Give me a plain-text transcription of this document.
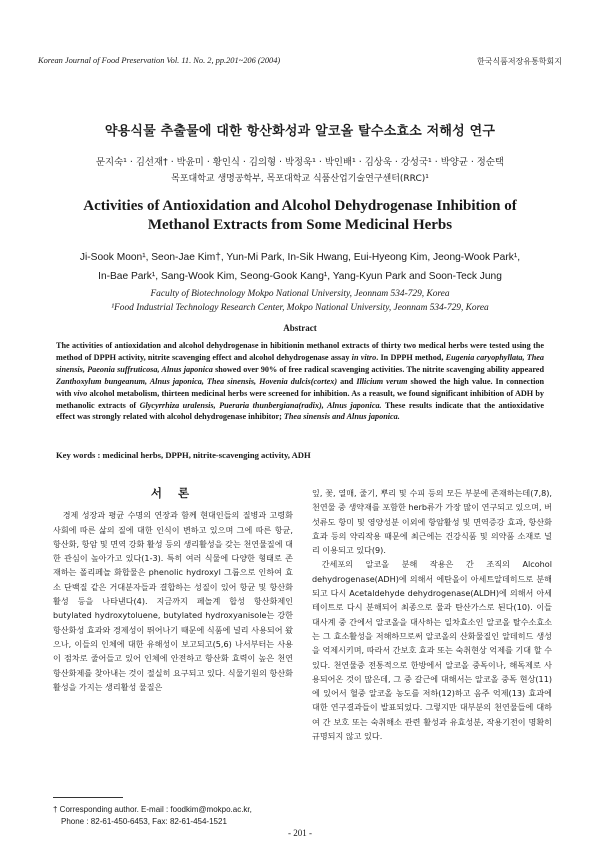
Korean Journal of Food Preservation Vol. 11. No. 2, pp.201~206 (2004)	한국식품저장유통학회지
약용식물 추출물에 대한 항산화성과 알코올 탈수소효소 저해성 연구
문지숙¹ · 김선재† · 박윤미 · 황인식 · 김의형 · 박정욱¹ · 박인배¹ · 김상욱 · 강성국¹ · 박양균 · 정순택
목포대학교 생명공학부, 목포대학교 식품산업기술연구센터(RRC)¹
Activities of Antioxidation and Alcohol Dehydrogenase Inhibition of Methanol Extracts from Some Medicinal Herbs
Ji-Sook Moon¹, Seon-Jae Kim†, Yun-Mi Park, In-Sik Hwang, Eui-Hyeong Kim, Jeong-Wook Park¹,
In-Bae Park¹, Sang-Wook Kim, Seong-Gook Kang¹, Yang-Kyun Park and Soon-Teck Jung
Faculty of Biotechnology Mokpo National University, Jeonnam 534-729, Korea
¹Food Industrial Technology Research Center, Mokpo National University, Jeonnam 534-729, Korea
Abstract
The activities of antioxidation and alcohol dehydrogenase in hibitionin methanol extracts of thirty two medical herbs were tested using the method of DPPH activity, nitrite scavenging effect and alcohol dehydrogenase assay in vitro. In DPPH method, Eugenia caryophyllata, Thea sinensis, Paeonia suffruticosa, Alnus japonica showed over 90% of free radical scavenging activities. The nitrite scavenging ability appeared Zanthoxylum bungeanum, Alnus japonica, Thea sinensis, Hovenia dulcis(cortex) and Illicium verum showed the high value. In connection with vivo alcohol metabolism, thirteen medicinal herbs were screened for inhibition. As a reasult, we found significant inhibition of ADH by methanolic extracts of Glycyrrhiza uralensis, Pueraria thunbergiana(radix), Alnus japonica. These results indicate that the antioxidative effect was strongly related with alcohol dehydrogenase inhibitor; Thea sinensis and Alnus japonica.
Key words : medicinal herbs, DPPH, nitrite-scavenging activity, ADH
서 론

경제 성장과 평균 수명의 연장과 함께 현대인들의 질병과 고령화 사회에 따른 삶의 질에 대한 인식이 변하고 있으며 그에 따른 항균, 항산화, 항암 및 면역 강화 활성 등의 생리활성을 갖는 천연물질에 대한 관심이 높아가고 있다(1-3). 특히 여러 식물에 다양한 형태로 존재하는 폴리페놀 화합물은 phenolic hydroxyl 그룹으로 인하여 효소 단백질 같은 거대분자들과 결합하는 성질이 있어 항균 및 항산화 활성 등을 나타낸다(4). 지금까지 페놀계 합성 항산화제인 butylated hydroxytoluene, butylated hydroxyanisole는 강한 항산화성 효과와 경제성이 뛰어나기 때문에 식품에 널리 사용되어 왔으나, 이들의 인체에 대한 유해성이 보고되고(5,6) 나서부터는 사용이 점차로 줄어들고 있어 인체에 안전하고 항산화 효력이 높은 천연 항산화제를 찾아내는 것이 절실히 요구되고 있다. 식물기원의 항산화 활성을 가지는 생리활성 물질은

잎, 꽃, 열매, 줄기, 뿌리 및 수피 등의 모든 부분에 존재하는데(7,8), 천연물 중 생약재를 포함한 herb류가 가장 많이 연구되고 있으며, 버섯류도 항미 및 영양성분 이외에 항암활성 및 면역증강 효과, 항산화효과 등의 약리작용 때문에 최근에는 건강식품 및 의약품 소재로 널리 이용되고 있다(9).

간세포의 알코올 분해 작용은 간 조직의 Alcohol dehydrogenase(ADH)에 의해서 에탄올이 아세트알데히드로 분해되고 다시 Acetaldehyde dehydrogenase(ALDH)에 의해서 아세테이트로 다시 분해되어 최종으로 물과 탄산가스로 된다(10). 이들 대사계 중 간에서 알코올을 대사하는 일차효소인 알코올 탈수소효소는 그 효소활성을 저해하므로써 알코올의 산화물질인 알데히드 생성을 억제시키며, 따라서 간보호 효과 또는 숙취현상 억제를 기대 할 수 있다. 천연물중 전통적으로 한방에서 알코올 중독이나, 해독제로 사용되어온 것이 많은데, 그 중 갈근에 대해서는 알코올 중독 현상(11)에 있어서 혈중 알코올 농도를 저하(12)하고 음주 억제(13) 효과에 대한 연구결과들이 발표되었다. 그렇지만 대부분의 천연물들에 대하여 간 보호 또는 숙취해소 관련 활성과 유효성분, 작용기전이 명확히 규명되지 않고 있다.

† Corresponding author. E-mail : foodkim@mokpo.ac.kr,
Phone : 82-61-450-6453, Fax: 82-61-454-1521
- 201 -
